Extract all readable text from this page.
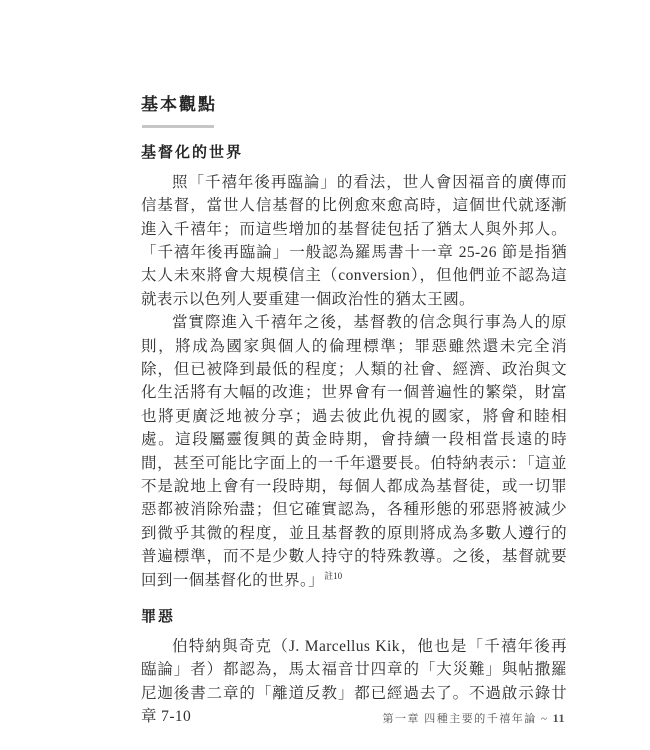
基本觀點
基督化的世界

照「千禧年後再臨論」的看法，世人會因福音的廣傳而信基督，當世人信基督的比例愈來愈高時，這個世代就逐漸進入千禧年；而這些增加的基督徒包括了猶太人與外邦人。「千禧年後再臨論」一般認為羅馬書十一章 25-26 節是指猶太人未來將會大規模信主（conversion），但他們並不認為這就表示以色列人要重建一個政治性的猶太王國。

當實際進入千禧年之後，基督教的信念與行事為人的原則，將成為國家與個人的倫理標準；罪惡雖然還未完全消除，但已被降到最低的程度；人類的社會、經濟、政治與文化生活將有大幅的改進；世界會有一個普遍性的繁榮，財富也將更廣泛地被分享；過去彼此仇視的國家，將會和睦相處。這段屬靈復興的黃金時期，會持續一段相當長遠的時間，甚至可能比字面上的一千年還要長。伯特納表示：「這並不是說地上會有一段時期，每個人都成為基督徒，或一切罪惡都被消除殆盡；但它確實認為，各種形態的邪惡將被減少到微乎其微的程度，並且基督教的原則將成為多數人遵行的普遍標準，而不是少數人持守的特殊教導。之後，基督就要回到一個基督化的世界。」$^{註10}$

罪惡

伯特納與奇克（J. Marcellus Kik，他也是「千禧年後再臨論」者）都認為，馬太福音廿四章的「大災難」與帖撒羅尼迦後書二章的「離道反教」都已經過去了。不過啟示錄廿章 7-10	第一章 四種主要的千禧年論 ~ 11
